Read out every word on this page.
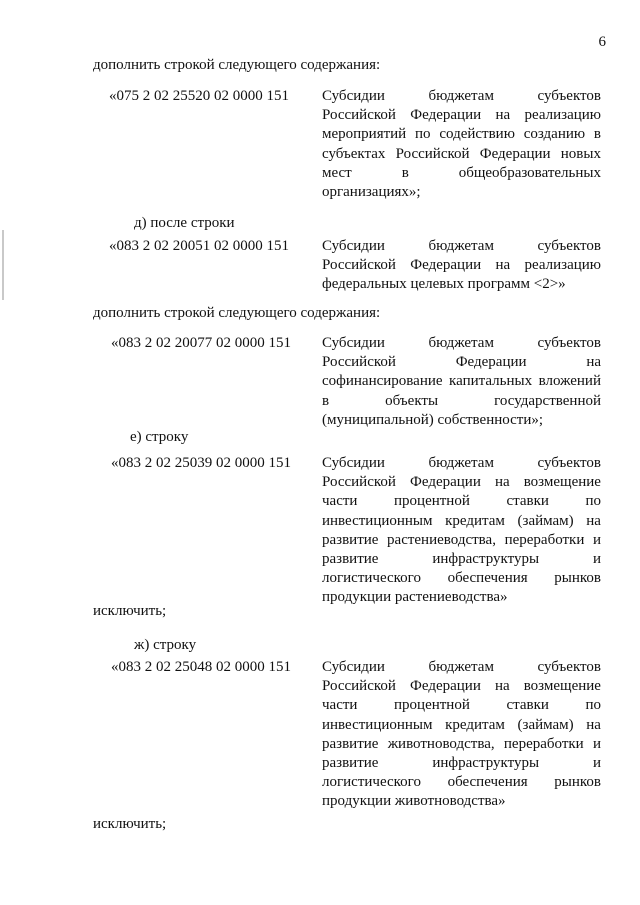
6
дополнить строкой следующего содержания:
«075 2 02 25520 02 0000 151 Субсидии	бюджетам	субъектов
Российской Федерации на реализацию
мероприятий по содействию созданию в
субъектах Российской Федерации новых
мест	в	общеобразовательных
организациях»;
д) после строки
«083 2 02 20051 02 0000 151 Субсидии	бюджетам	субъектов
Российской Федерации на реализацию
федеральных целевых программ <2>»
дополнить строкой следующего содержания:
«083 2 02 20077 02 0000 151 Субсидии	бюджетам	субъектов
Российской	Федерации	на
софинансирование капитальных вложений
в	объекты	государственной
(муниципальной) собственности»;
е) строку
«083 2 02 25039 02 0000 151 Субсидии	бюджетам	субъектов
Российской Федерации на возмещение
части процентной ставки по
инвестиционным кредитам (займам) на
развитие растениеводства, переработки и
развитие	инфраструктуры	и
логистического обеспечения рынков
продукции растениеводства»
исключить;
ж) строку
«083 2 02 25048 02 0000 151 Субсидии	бюджетам	субъектов
Российской Федерации на возмещение
части процентной ставки по
инвестиционным кредитам (займам) на
развитие животноводства, переработки и
развитие	инфраструктуры	и
логистического обеспечения рынков
продукции животноводства»
исключить;
